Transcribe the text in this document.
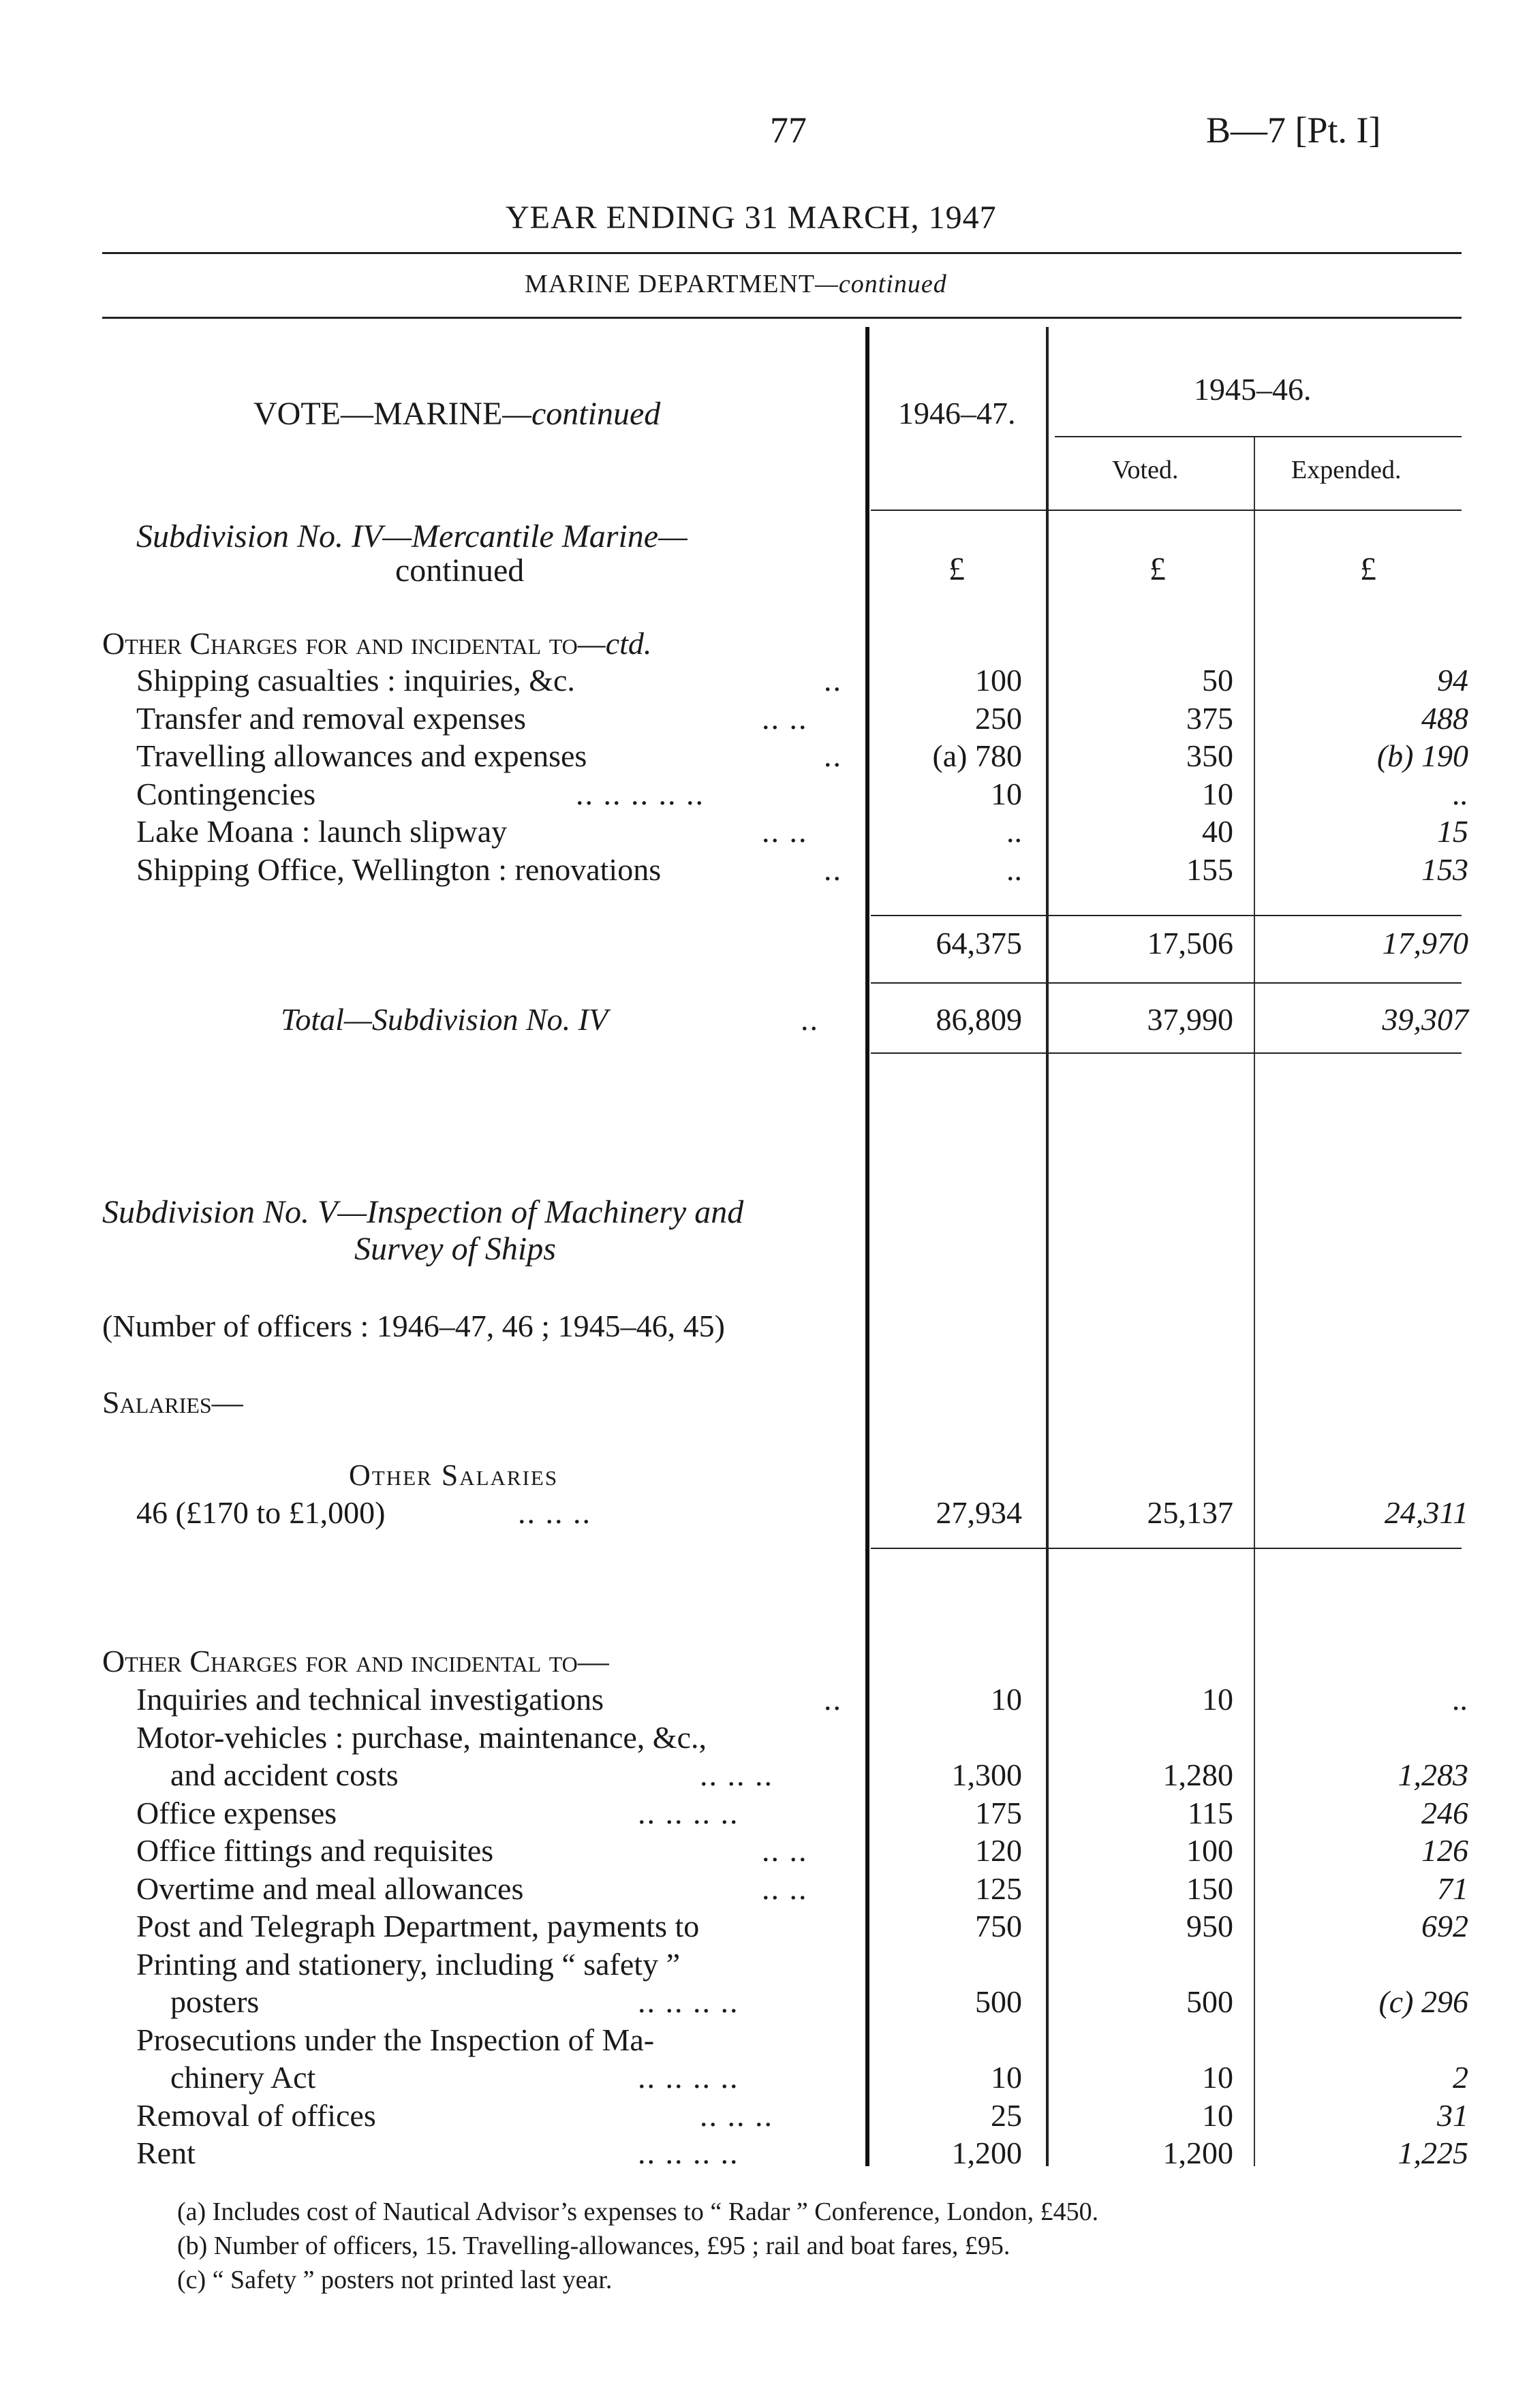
77	B—7 [Pt. I]
YEAR ENDING 31 MARCH, 1947
MARINE DEPARTMENT—continued
VOTE—MARINE—continued	1946–47.
1945–46.
Voted.	Expended.
Subdivision No. IV—Mercantile Marine—
continued	£	£	£
Other Charges for and incidental to—ctd.
Shipping casualties : inquiries, &c.	..	100	50	94
Transfer and removal expenses	.. ..	250	375	488
Travelling allowances and expenses	..	(a) 780	350	(b) 190
Contingencies	.. .. .. .. ..	10	10	..
Lake Moana : launch slipway	.. ..	..	40	15
Shipping Office, Wellington : renovations	..	..	155	153
64,375	17,506	17,970
Total—Subdivision No. IV	..	86,809	37,990	39,307
Subdivision No. V—Inspection of Machinery and
Survey of Ships
(Number of officers : 1946–47, 46 ; 1945–46, 45)
Salaries—
Other Salaries
46 (£170 to £1,000)	.. .. ..	27,934	25,137	24,311
Other Charges for and incidental to—
Inquiries and technical investigations	..	10	10	..
Motor-vehicles : purchase, maintenance, &c.,
and accident costs	.. .. ..	1,300	1,280	1,283
Office expenses	.. .. .. ..	175	115	246
Office fittings and requisites	.. ..	120	100	126
Overtime and meal allowances	.. ..	125	150	71
Post and Telegraph Department, payments to	750	950	692
Printing and stationery, including “ safety ”
posters	.. .. .. ..	500	500	(c) 296
Prosecutions under the Inspection of Ma-
chinery Act	.. .. .. ..	10	10	2
Removal of offices	.. .. ..	25	10	31
Rent	.. .. .. ..	1,200	1,200	1,225
(a) Includes cost of Nautical Advisor’s expenses to “ Radar ” Conference, London, £450.
(b) Number of officers, 15. Travelling-allowances, £95 ; rail and boat fares, £95.
(c) “ Safety ” posters not printed last year.
